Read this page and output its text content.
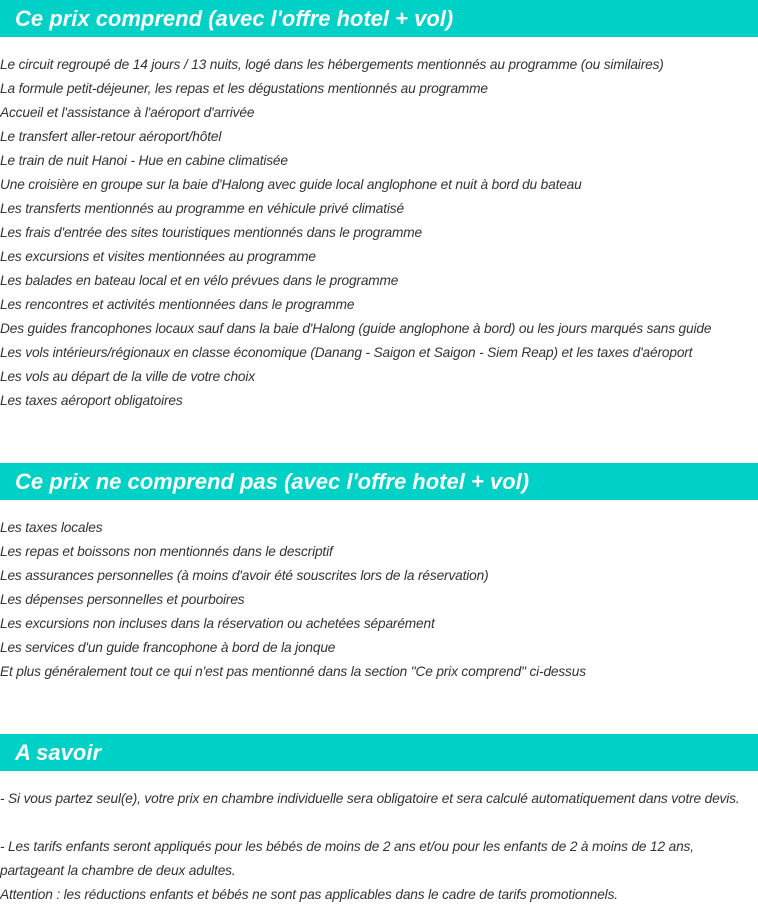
Ce prix comprend (avec l'offre hotel + vol)
Le circuit regroupé de 14 jours / 13 nuits, logé dans les hébergements mentionnés au programme (ou similaires)
La formule petit-déjeuner, les repas et les dégustations mentionnés au programme
Accueil et l'assistance à l'aéroport d'arrivée
Le transfert aller-retour aéroport/hôtel
Le train de nuit Hanoi - Hue en cabine climatisée
Une croisière en groupe sur la baie d'Halong avec guide local anglophone et nuit à bord du bateau
Les transferts mentionnés au programme en véhicule privé climatisé
Les frais d'entrée des sites touristiques mentionnés dans le programme
Les excursions et visites mentionnées au programme
Les balades en bateau local et en vélo prévues dans le programme
Les rencontres et activités mentionnées dans le programme
Des guides francophones locaux sauf dans la baie d'Halong (guide anglophone à bord) ou les jours marqués sans guide
Les vols intérieurs/régionaux en classe économique (Danang - Saigon et Saigon - Siem Reap) et les taxes d'aéroport
Les vols au départ de la ville de votre choix
Les taxes aéroport obligatoires
Ce prix ne comprend pas (avec l'offre hotel + vol)
Les taxes locales
Les repas et boissons non mentionnés dans le descriptif
Les assurances personnelles (à moins d'avoir été souscrites lors de la réservation)
Les dépenses personnelles et pourboires
Les excursions non incluses dans la réservation ou achetées séparément
Les services d'un guide francophone à bord de la jonque
Et plus généralement tout ce qui n'est pas mentionné dans la section "Ce prix comprend" ci-dessus
A savoir

- Si vous partez seul(e), votre prix en chambre individuelle sera obligatoire et sera calculé automatiquement dans votre devis.

- Les tarifs enfants seront appliqués pour les bébés de moins de 2 ans et/ou pour les enfants de 2 à moins de 12 ans, partageant la chambre de deux adultes.

Attention : les réductions enfants et bébés ne sont pas applicables dans le cadre de tarifs promotionnels.
